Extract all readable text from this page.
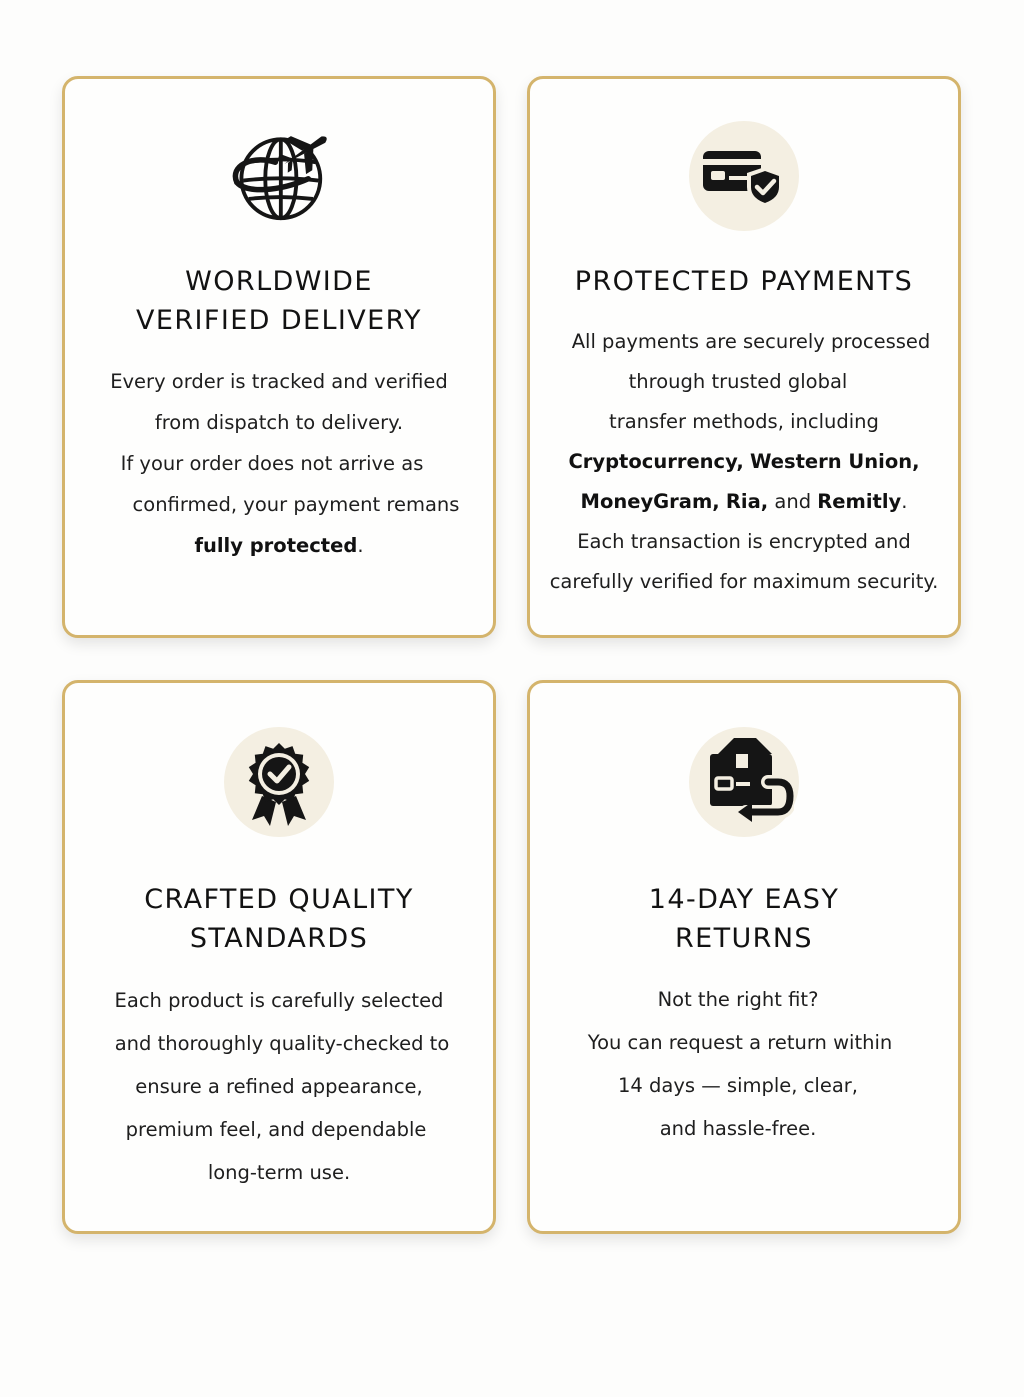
WORLDWIDE
VERIFIED DELIVERY
Every order is tracked and verified
from dispatch to delivery.
If your order does not arrive as
confirmed, your payment remans
fully protected.
PROTECTED PAYMENTS
All payments are securely processed
through trusted global
transfer methods, including
Cryptocurrency, Western Union,
MoneyGram, Ria, and Remitly.
Each transaction is encrypted and
carefully verified for maximum security.
CRAFTED QUALITY
STANDARDS
Each product is carefully selected
and thoroughly quality-checked to
ensure a refined appearance,
premium feel, and dependable
long-term use.
14-DAY EASY
RETURNS
Not the right fit?
You can request a return within
14 days — simple, clear,
and hassle-free.
